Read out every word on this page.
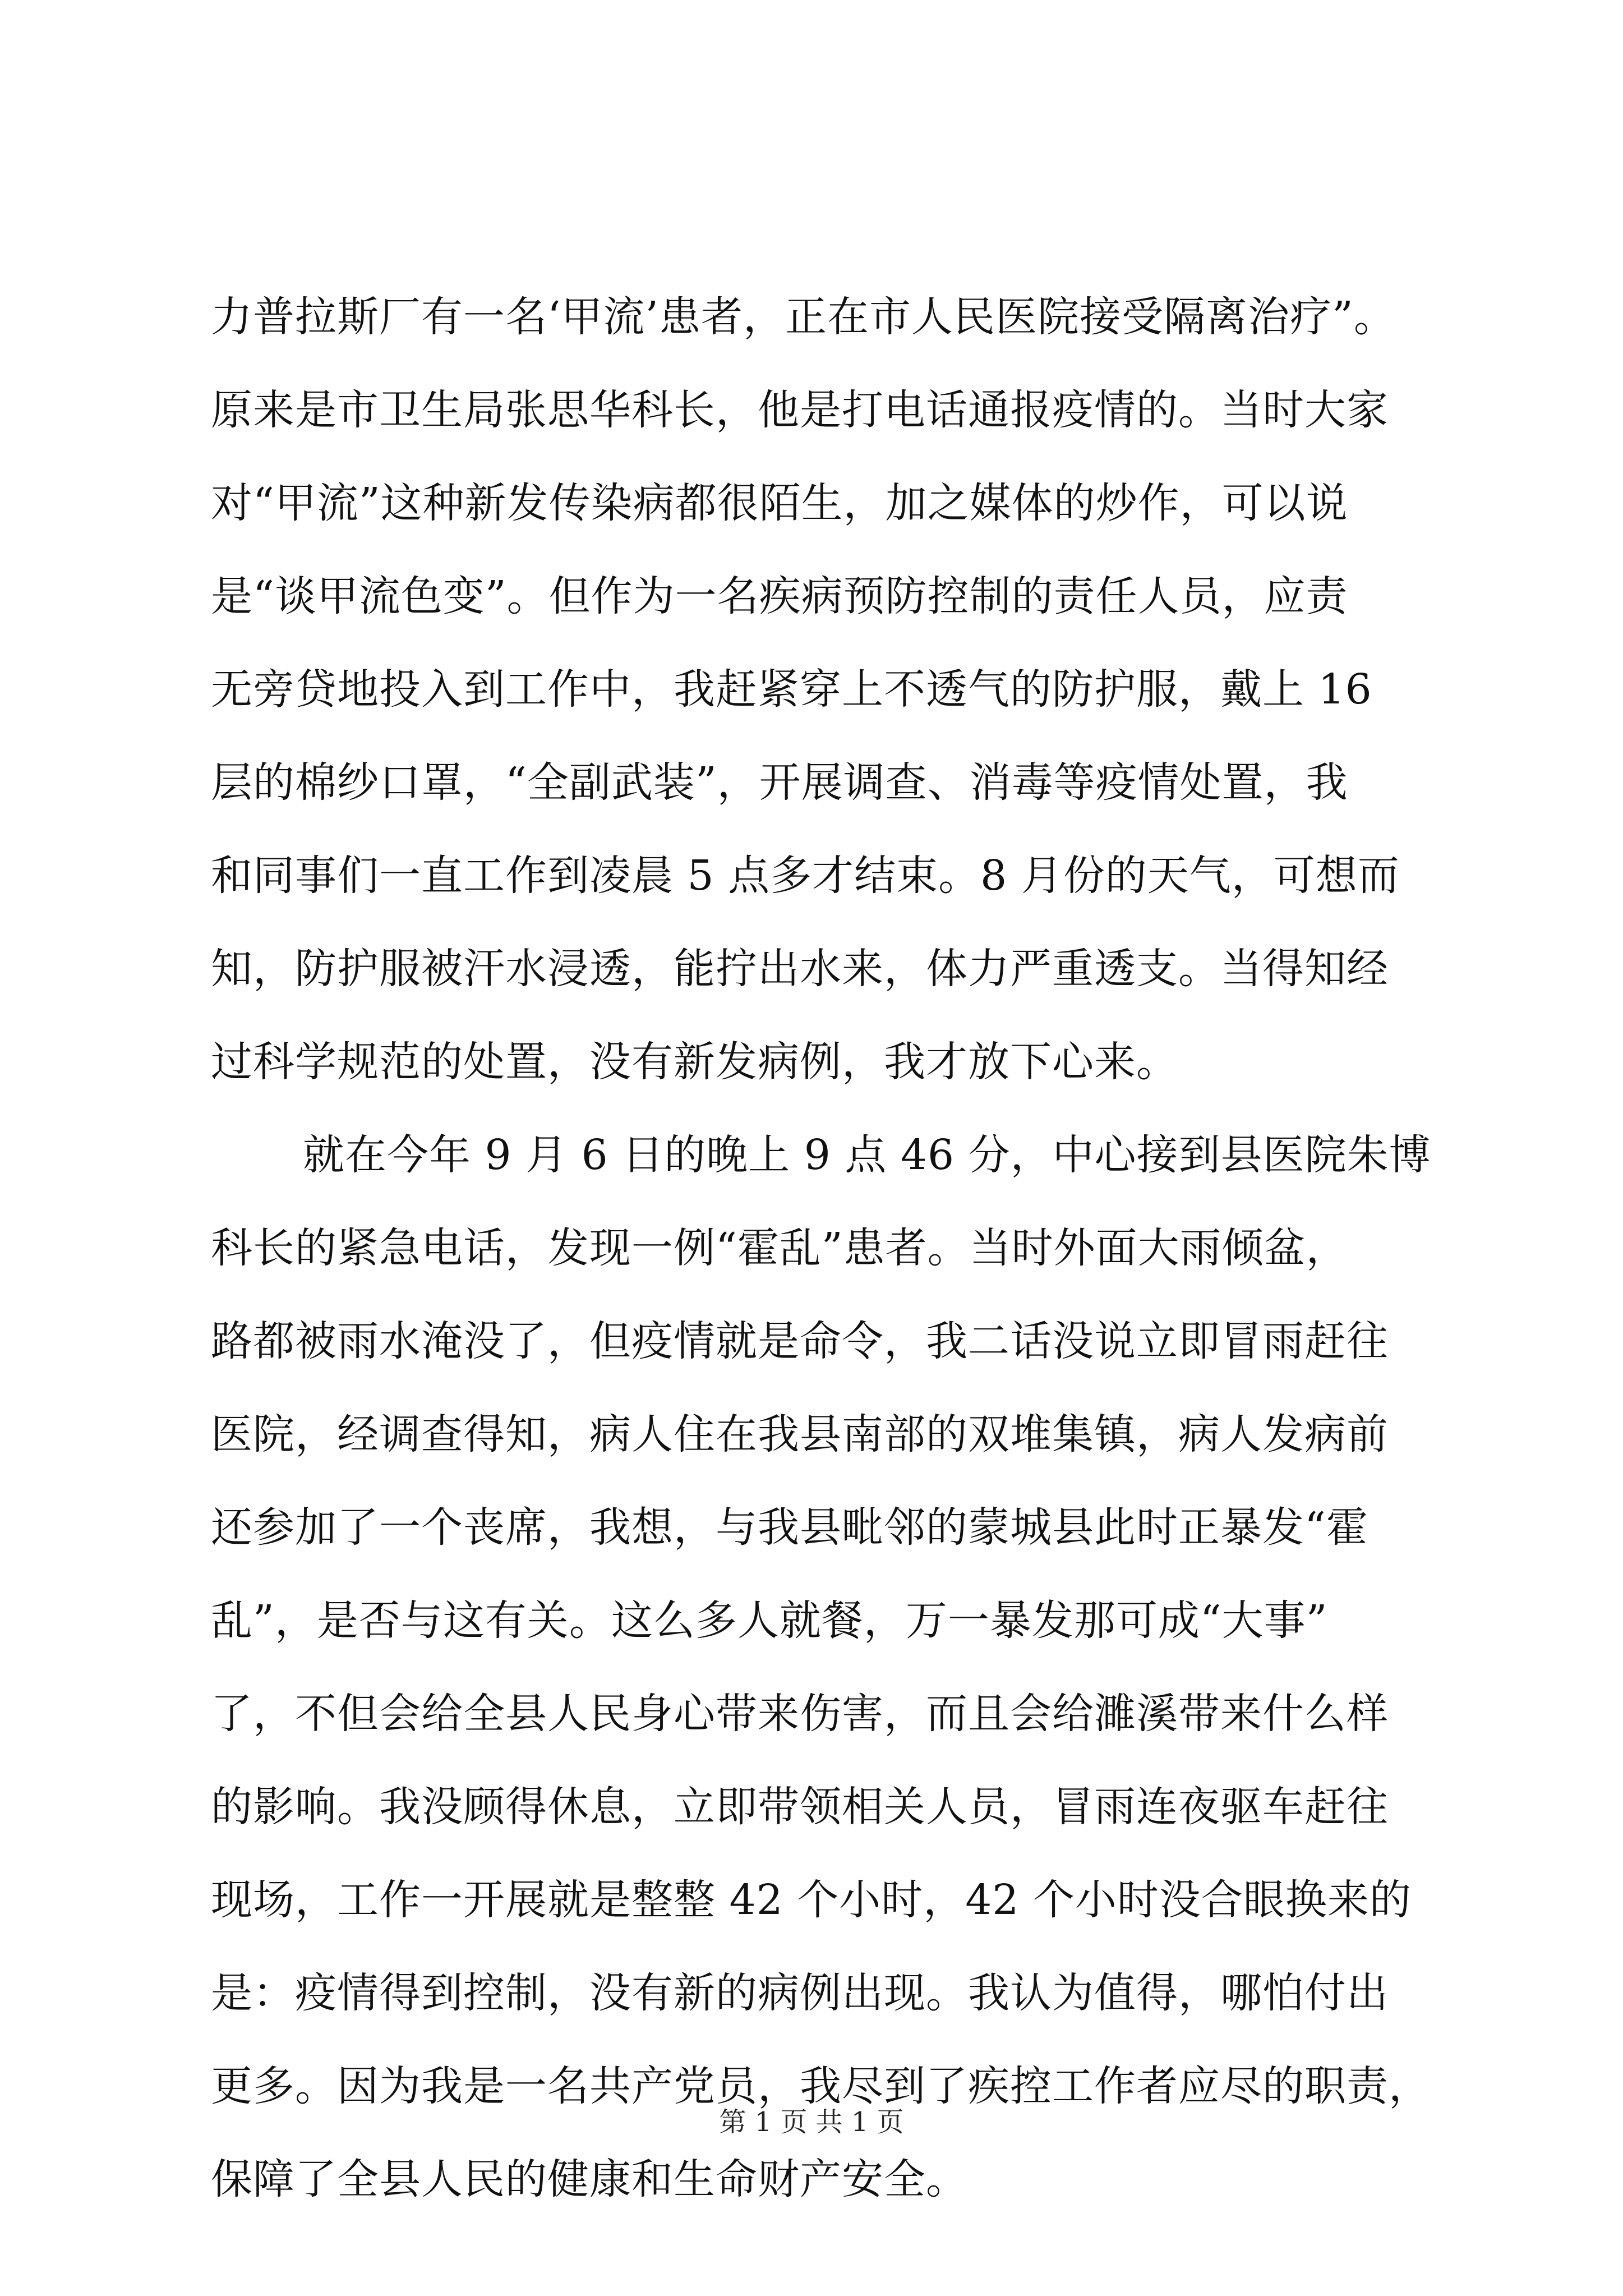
力普拉斯厂有一名‘甲流’患者，正在市人民医院接受隔离治疗”。
原来是市卫生局张思华科长，他是打电话通报疫情的。当时大家
对“甲流”这种新发传染病都很陌生，加之媒体的炒作，可以说
是“谈甲流色变”。但作为一名疾病预防控制的责任人员，应责
无旁贷地投入到工作中，我赶紧穿上不透气的防护服，戴上 16
层的棉纱口罩，“全副武装”，开展调查、消毒等疫情处置，我
和同事们一直工作到凌晨 5 点多才结束。8 月份的天气，可想而
知，防护服被汗水浸透，能拧出水来，体力严重透支。当得知经
过科学规范的处置，没有新发病例，我才放下心来。
就在今年 9 月 6 日的晚上 9 点 46 分，中心接到县医院朱博
科长的紧急电话，发现一例“霍乱”患者。当时外面大雨倾盆，
路都被雨水淹没了，但疫情就是命令，我二话没说立即冒雨赶往
医院，经调查得知，病人住在我县南部的双堆集镇，病人发病前
还参加了一个丧席，我想，与我县毗邻的蒙城县此时正暴发“霍
乱”，是否与这有关。这么多人就餐，万一暴发那可成“大事”
了，不但会给全县人民身心带来伤害，而且会给濉溪带来什么样
的影响。我没顾得休息，立即带领相关人员，冒雨连夜驱车赶往
现场，工作一开展就是整整 42 个小时，42 个小时没合眼换来的
是：疫情得到控制，没有新的病例出现。我认为值得，哪怕付出
更多。因为我是一名共产党员，我尽到了疾控工作者应尽的职责，
保障了全县人民的健康和生命财产安全。
第 1 页 共 1 页
